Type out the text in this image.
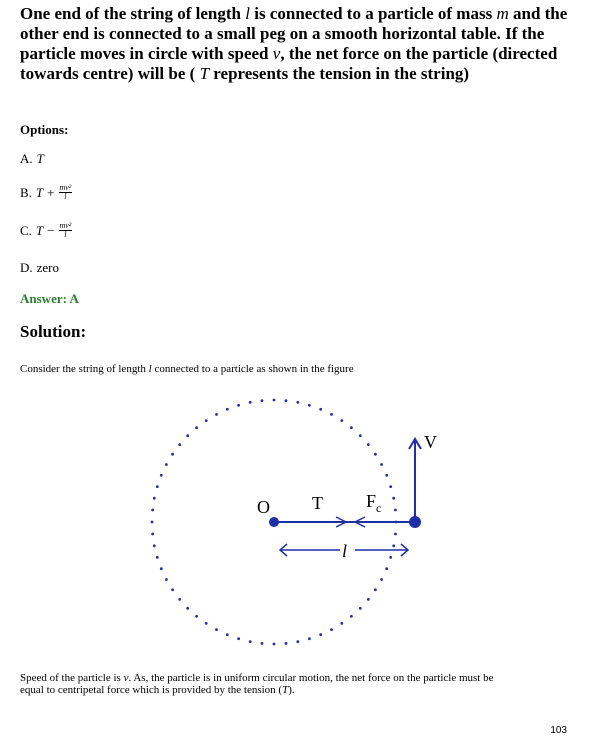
One end of the string of length l is connected to a particle of mass m and the other end is connected to a small peg on a smooth horizontal table. If the particle moves in circle with speed v, the net force on the particle (directed towards centre) will be ( T represents the tension in the string)
Options:
A. T
B. $T + \frac{\text{mv²}}{l}$
C. $T - \frac{\text{mv²}}{l}$
D. zero
Answer: A
Solution:
Consider the string of length l connected to a particle as shown in the figure
O T $F_c$
V
l
Speed of the particle is v. As, the particle is in uniform circular motion, the net force on the particle must be
equal to centripetal force which is provided by the tension (T).
103
